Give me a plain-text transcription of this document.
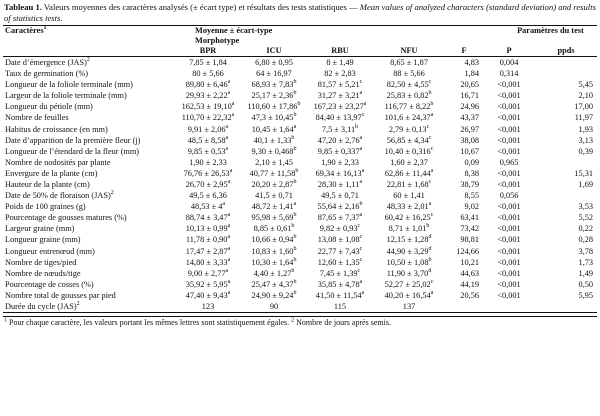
Tableau 1. Valeurs moyennes des caractères analysés (± écart type) et résultats des tests statistiques — Mean values of analyzed characters (standard deviation) and results of statistics tests.
Caractères$^1$	Moyenne ± écart-type				Paramètres du test		
	Morphotype						
	BPR	ICU	RBU	NFU	F	P	ppds
Date d’émergence (JAS)$^2$	7,85 ± 1,84	6,80 ± 0,95	8 ± 1,49	8,65 ± 1,87	4,83	0,004	
Taux de germination (%)	80 ± 5,66	64 ± 16,97	82 ± 2,83	88 ± 5,66	1,84	0,314	
Longueur de la foliole terminale (mm)	89,80 ± 6,46$^a$	68,93 ± 7,83$^b$	81,57 ± 5,21$^c$	82,50 ± 4,55$^c$	20,65	<0,001	5,45
Largeur de la foliole terminale (mm)	29,93 ± 2,22$^a$	25,17 ± 2,36$^b$	31,27 ± 3,21$^a$	25,83 ± 0,82$^b$	16,71	<0,001	2,10
Longueur du pétiole (mm)	162,53 ± 19,10$^a$	110,60 ± 17,86$^b$	167,23 ± 23,27$^a$	116,77 ± 8,22$^b$	24,96	<0,001	17,00
Nombre de feuilles	110,70 ± 22,32$^a$	47,3 ± 10,45$^b$	84,40 ± 13,97$^c$	101,6 ± 24,37$^a$	43,37	<0,001	11,97
Habitus de croissance (en mm)	9,91 ± 2,06$^a$	10,45 ± 1,64$^a$	7,5 ± 3,11$^b$	2,79 ± 0,13$^c$	26,97	<0,001	1,93
Date d’apparition de la première fleur (j)	48,5 ± 8,58$^a$	40,1 ± 1,33$^b$	47,20 ± 2,76$^a$	56,85 ± 4,34$^c$	38,08	<0,001	3,13
Longueur de l’étendard de la fleur (mm)	9,85 ± 0,53$^a$	9,30 ± 0,468$^b$	9,85 ± 0,337$^a$	10,40 ± 0,316$^c$	10,67	<0,001	0,39
Nombre de nodosités par plante	1,90 ± 2,33	2,10 ± 1,45	1,90 ± 2,33	1,60 ± 2,37	0,09	0,965	
Envergure de la plante (cm)	76,76 ± 26,53$^a$	40,77 ± 11,58$^b$	69,34 ± 16,13$^a$	62,86 ± 11,44$^a$	8,38	<0,001	15,31
Hauteur de la plante (cm)	26,70 ± 2,95$^a$	20,20 ± 2,87$^b$	28,30 ± 1,11$^a$	22,81 ± 1,68$^c$	38,79	<0,001	1,69
Date de 50% de floraison (JAS)$^2$	49,5 ± 6,36	41,5 ± 0,71	49,5 ± 0,71	60 ± 1,41	8,55	0,056	
Poids de 100 graines (g)	$48,53 \pm 4^a$	48,72 ± 1,41$^a$	55,64 ± 2,16$^b$	48,33 ± 2,01$^a$	9,02	<0,001	3,53
Pourcentage de gousses matures (%)	88,74 ± 3,47$^a$	95,98 ± 5,69$^b$	87,65 ± 7,37$^a$	60,42 ± 16,25$^c$	63,41	<0,001	5,52
Largeur graine (mm)	10,13 ± 0,99$^a$	8,85 ± 0,61$^b$	9,82 ± 0,93$^c$	8,71 ± 1,01$^b$	73,42	<0,001	0,22
Longueur graine (mm)	11,78 ± 0,90$^a$	10,66 ± 0,94$^b$	13,08 ± 1,08$^c$	12,15 ± 1,28$^d$	98,81	<0,001	0,28
Longueur entrenœud (mm)	17,47 ± 2,87$^a$	10,83 ± 1,60$^b$	22,77 ± 7,43$^c$	44,90 ± 3,29$^d$	124,66	<0,001	3,78
Nombre de tiges/pied	14,80 ± 3,33$^a$	10,30 ± 1,64$^b$	12,60 ± 1,35$^c$	10,50 ± 1,08$^b$	10,21	<0,001	1,73
Nombre de nœuds/tige	9,00 ± 2,77$^a$	4,40 ± 1,27$^b$	7,45 ± 1,39$^c$	11,90 ± 3,70$^d$	44,63	<0,001	1,49
Pourcentage de cosses (%)	35,92 ± 5,95$^a$	25,47 ± 4,37$^b$	35,85 ± 4,78$^a$	52,27 ± 25,02$^c$	44,19	<0,001	0,50
Nombre total de gousses par pied	47,40 ± 9,43$^a$	24,90 ± 9,24$^b$	41,50 ± 11,54$^a$	40,20 ± 16,54$^a$	20,56	<0,001	5,95
Durée du cycle (JAS)$^2$	123	90	115	137			
$^1$ Pour chaque caractère, les valeurs portant les mêmes lettres sont statistiquement égales. $^2$ Nombre de jours après semis.
